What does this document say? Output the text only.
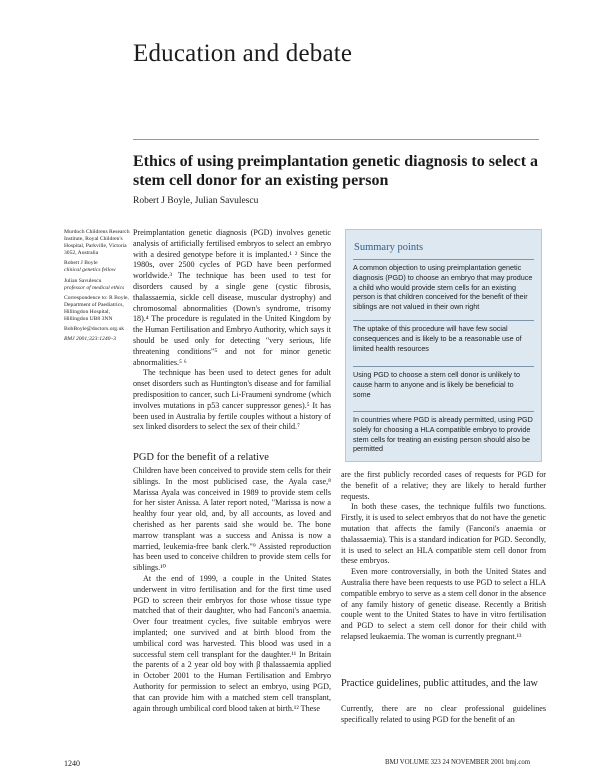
Education and debate
Ethics of using preimplantation genetic diagnosis to select a stem cell donor for an existing person
Robert J Boyle, Julian Savulescu

Murdoch Childrens Research Institute, Royal Children's Hospital, Parkville, Victoria 3052, Australia

Robert J Boyle

clinical genetics fellow

Julian Savulescu

professor of medical ethics

Correspondence to: R Boyle, Department of Paediatrics, Hillingdon Hospital, Hillingdon UB8 3NN

BobBoyle@doctors.org.uk

BMJ 2001;323:1240–3

Preimplantation genetic diagnosis (PGD) involves genetic analysis of artificially fertilised embryos to select an embryo with a desired genotype before it is implanted.¹ ² Since the 1980s, over 2500 cycles of PGD have been performed worldwide.³ The technique has been used to test for disorders caused by a single gene (cystic fibrosis, thalassaemia, sickle cell disease, muscular dystrophy) and chromosomal abnormalities (Down's syndrome, trisomy 18).⁴ The procedure is regulated in the United Kingdom by the Human Fertilisation and Embryo Authority, which says it should be used only for detecting "very serious, life threatening conditions"⁵ and not for minor genetic abnormalities.⁵ ⁶

The technique has been used to detect genes for adult onset disorders such as Huntington's disease and for familial predisposition to cancer, such Li-Fraumeni syndrome (which involves mutations in p53 cancer suppressor genes).⁵ It has been used in Australia by fertile couples without a history of sex linked disorders to select the sex of their child.⁷

Summary points
A common objection to using preimplantation genetic diagnosis (PGD) to choose an embryo that may produce a child who would provide stem cells for an existing person is that children conceived for the benefit of their siblings are not valued in their own right
The uptake of this procedure will have few social consequences and is likely to be a reasonable use of limited health resources
Using PGD to choose a stem cell donor is unlikely to cause harm to anyone and is likely be beneficial to some
In countries where PGD is already permitted, using PGD solely for choosing a HLA compatible embryo to provide stem cells for treating an existing person should also be permitted
PGD for the benefit of a relative

Children have been conceived to provide stem cells for their siblings. In the most publicised case, the Ayala case,⁸ Marissa Ayala was conceived in 1989 to provide stem cells for her sister Anissa. A later report noted, "Marissa is now a healthy four year old, and, by all accounts, as loved and cherished as her parents said she would be. The bone marrow transplant was a success and Anissa is now a married, leukemia-free bank clerk."⁹ Assisted reproduction has been used to conceive children to provide stem cells for siblings.¹⁰

At the end of 1999, a couple in the United States underwent in vitro fertilisation and for the first time used PGD to screen their embryos for those whose tissue type matched that of their daughter, who had Fanconi's anaemia. Over four treatment cycles, five suitable embryos were implanted; one survived and at birth blood from the umbilical cord was harvested. This blood was used in a successful stem cell transplant for the daughter.¹¹ In Britain the parents of a 2 year old boy with β thalassaemia applied in October 2001 to the Human Fertilisation and Embryo Authority for permission to select an embryo, using PGD, that can provide him with a matched stem cell transplant, again through umbilical cord blood taken at birth.¹² These

are the first publicly recorded cases of requests for PGD for the benefit of a relative; they are likely to herald further requests.

In both these cases, the technique fulfils two functions. Firstly, it is used to select embryos that do not have the genetic mutation that affects the family (Fanconi's anaemia or thalassaemia). This is a standard indication for PGD. Secondly, it is used to select an HLA compatible stem cell donor from these embryos.

Even more controversially, in both the United States and Australia there have been requests to use PGD to select a HLA compatible embryo to serve as a stem cell donor in the absence of any family history of genetic disease. Recently a British couple went to the United States to have in vitro fertilisation and PGD to select a stem cell donor for their child with relapsed leukaemia. The woman is currently pregnant.¹³

Practice guidelines, public attitudes, and the law

Currently, there are no clear professional guidelines specifically related to using PGD for the benefit of an

1240	BMJ VOLUME 323 24 NOVEMBER 2001 bmj.com
